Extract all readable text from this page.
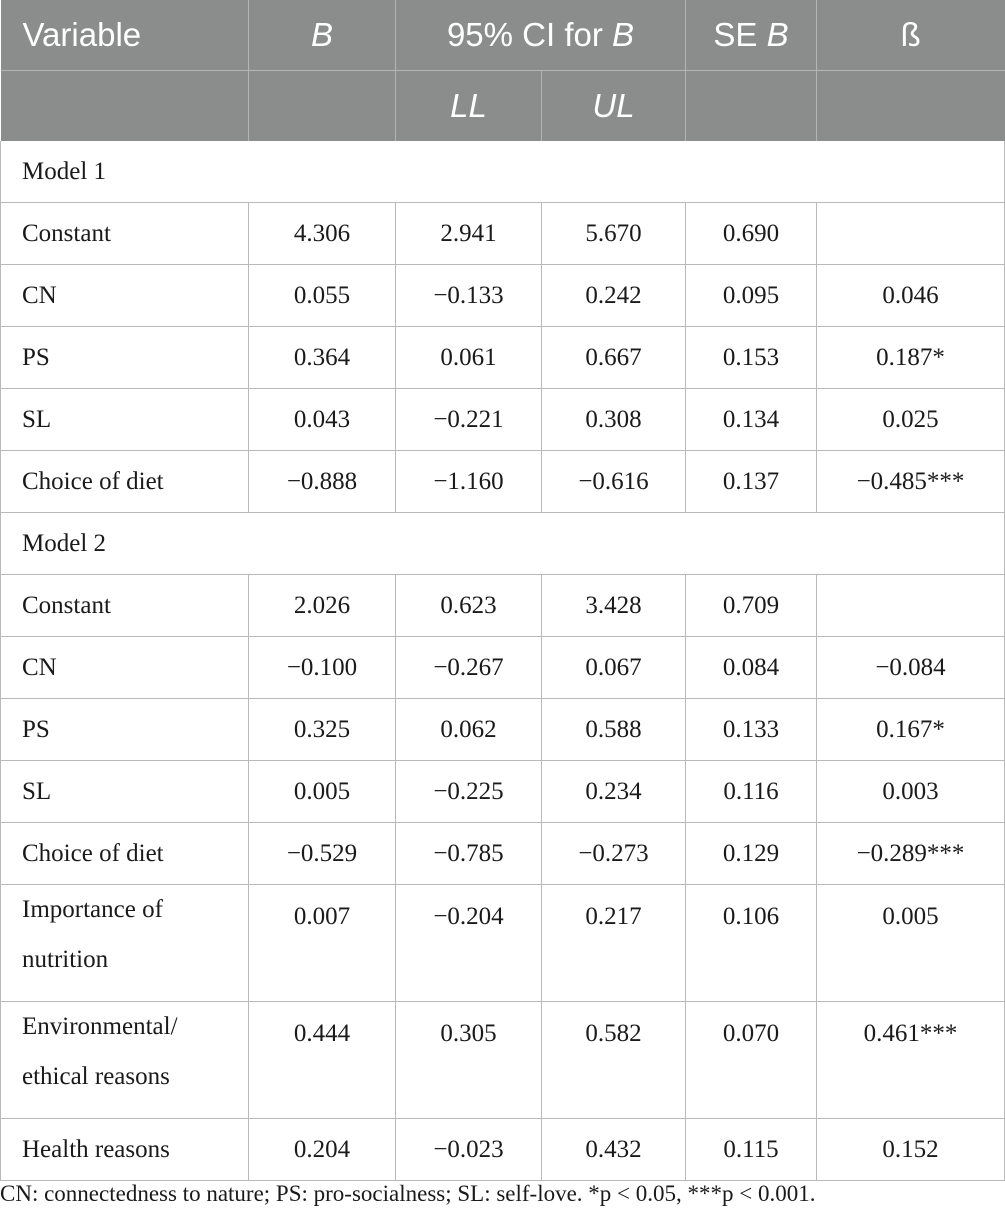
Variable	B	95% CI for B		SE B	ß
		LL	UL		
Model 1					
Constant	4.306	2.941	5.670	0.690	
CN	0.055	−0.133	0.242	0.095	0.046
PS	0.364	0.061	0.667	0.153	0.187*
SL	0.043	−0.221	0.308	0.134	0.025
Choice of diet	−0.888	−1.160	−0.616	0.137	−0.485***
Model 2					
Constant	2.026	0.623	3.428	0.709	
CN	−0.100	−0.267	0.067	0.084	−0.084
PS	0.325	0.062	0.588	0.133	0.167*
SL	0.005	−0.225	0.234	0.116	0.003
Choice of diet	−0.529	−0.785	−0.273	0.129	−0.289***
Importance of nutrition	0.007	−0.204	0.217	0.106	0.005
Environmental/ ethical reasons	0.444	0.305	0.582	0.070	0.461***
Health reasons	0.204	−0.023	0.432	0.115	0.152
CN: connectedness to nature; PS: pro-socialness; SL: self-love. *p < 0.05, ***p < 0.001.
